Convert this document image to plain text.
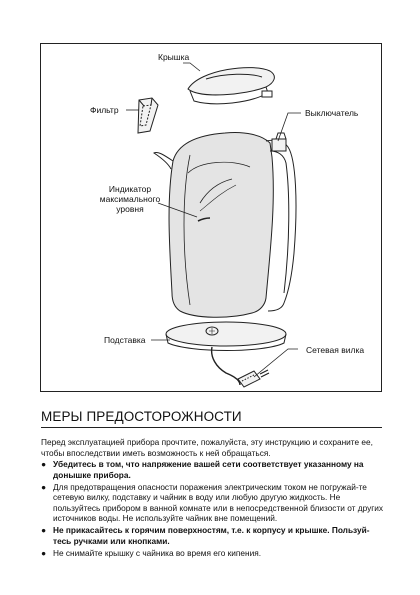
Крышка
Фильтр	Выключатель
Индикатор
максимального
уровня
Подставка
Сетевая вилка
МЕРЫ ПРЕДОСТОРОЖНОСТИ
Перед эксплуатацией прибора прочтите, пожалуйста, эту инструкцию и сохраните ее, чтобы впоследствии иметь возможность к ней обращаться.
● Убедитесь в том, что напряжение вашей сети соответствует указанному на донышке прибора.
● Для предотвращения опасности поражения электрическим током не погружай-те сетевую вилку, подставку и чайник в воду или любую другую жидкость. Не пользуйтесь прибором в ванной комнате или в непосредственной близости от других источников воды. Не используйте чайник вне помещений.
● Не прикасайтесь к горячим поверхностям, т.е. к корпусу и крышке. Пользуй-тесь ручками или кнопками.
● Не снимайте крышку с чайника во время его кипения.
